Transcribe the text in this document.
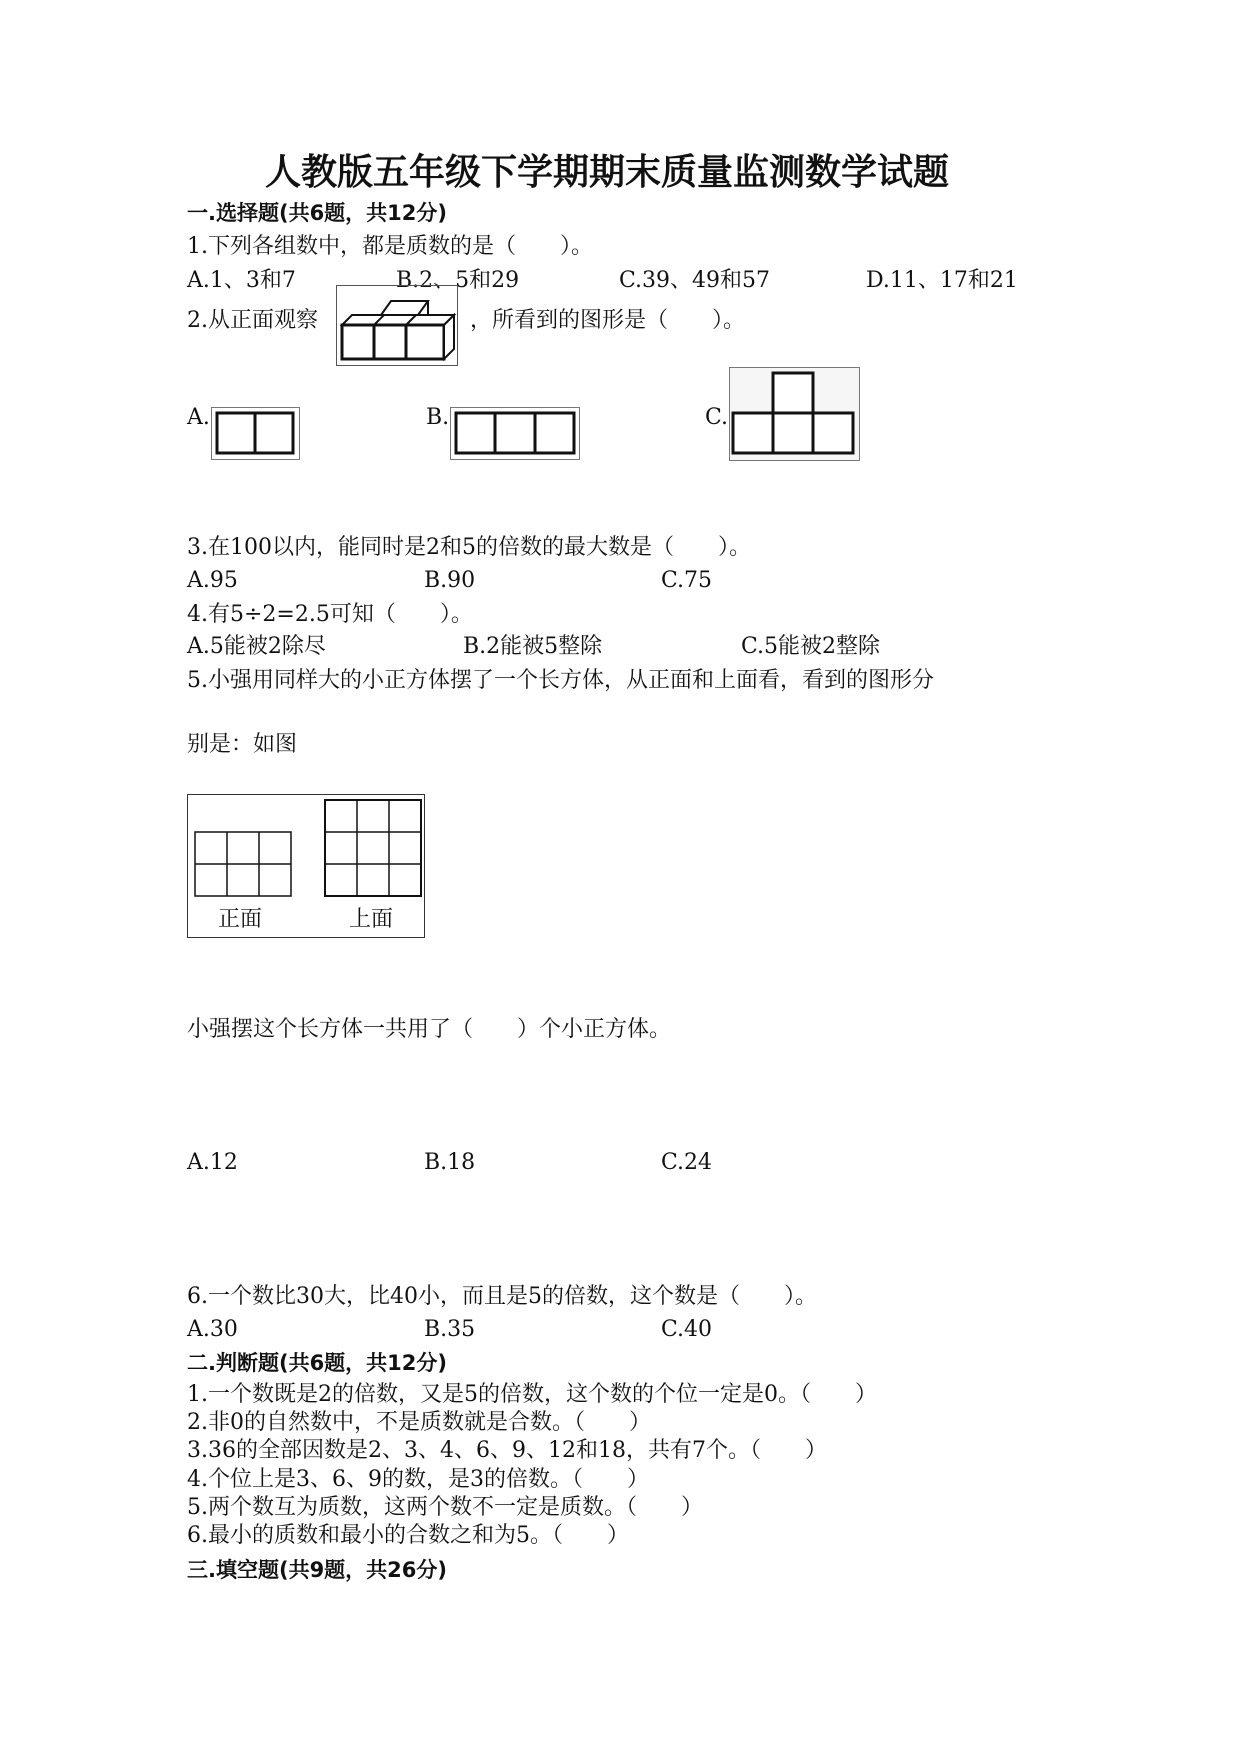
人教版五年级下学期期末质量监测数学试题
一.选择题(共6题，共12分)
1.下列各组数中，都是质数的是（　　）。
A.1、3和7	B.2、5和29	C.39、49和57	D.11、17和21
2.从正面观察	，所看到的图形是（　　）。
A.	B.	C.
3.在100以内，能同时是2和5的倍数的最大数是（　　）。
A.95	B.90	C.75
4.有5÷2=2.5可知（　　）。
A.5能被2除尽	B.2能被5整除	C.5能被2整除
5.小强用同样大的小正方体摆了一个长方体，从正面和上面看，看到的图形分
别是：如图
正面	上面
小强摆这个长方体一共用了（　　）个小正方体。
A.12	B.18	C.24
6.一个数比30大，比40小，而且是5的倍数，这个数是（　　）。
A.30	B.35	C.40
二.判断题(共6题，共12分)
1.一个数既是2的倍数，又是5的倍数，这个数的个位一定是0。（　　）
2.非0的自然数中，不是质数就是合数。（　　）
3.36的全部因数是2、3、4、6、9、12和18，共有7个。（　　）
4.个位上是3、6、9的数，是3的倍数。（　　）
5.两个数互为质数，这两个数不一定是质数。（　　）
6.最小的质数和最小的合数之和为5。（　　）
三.填空题(共9题，共26分)
